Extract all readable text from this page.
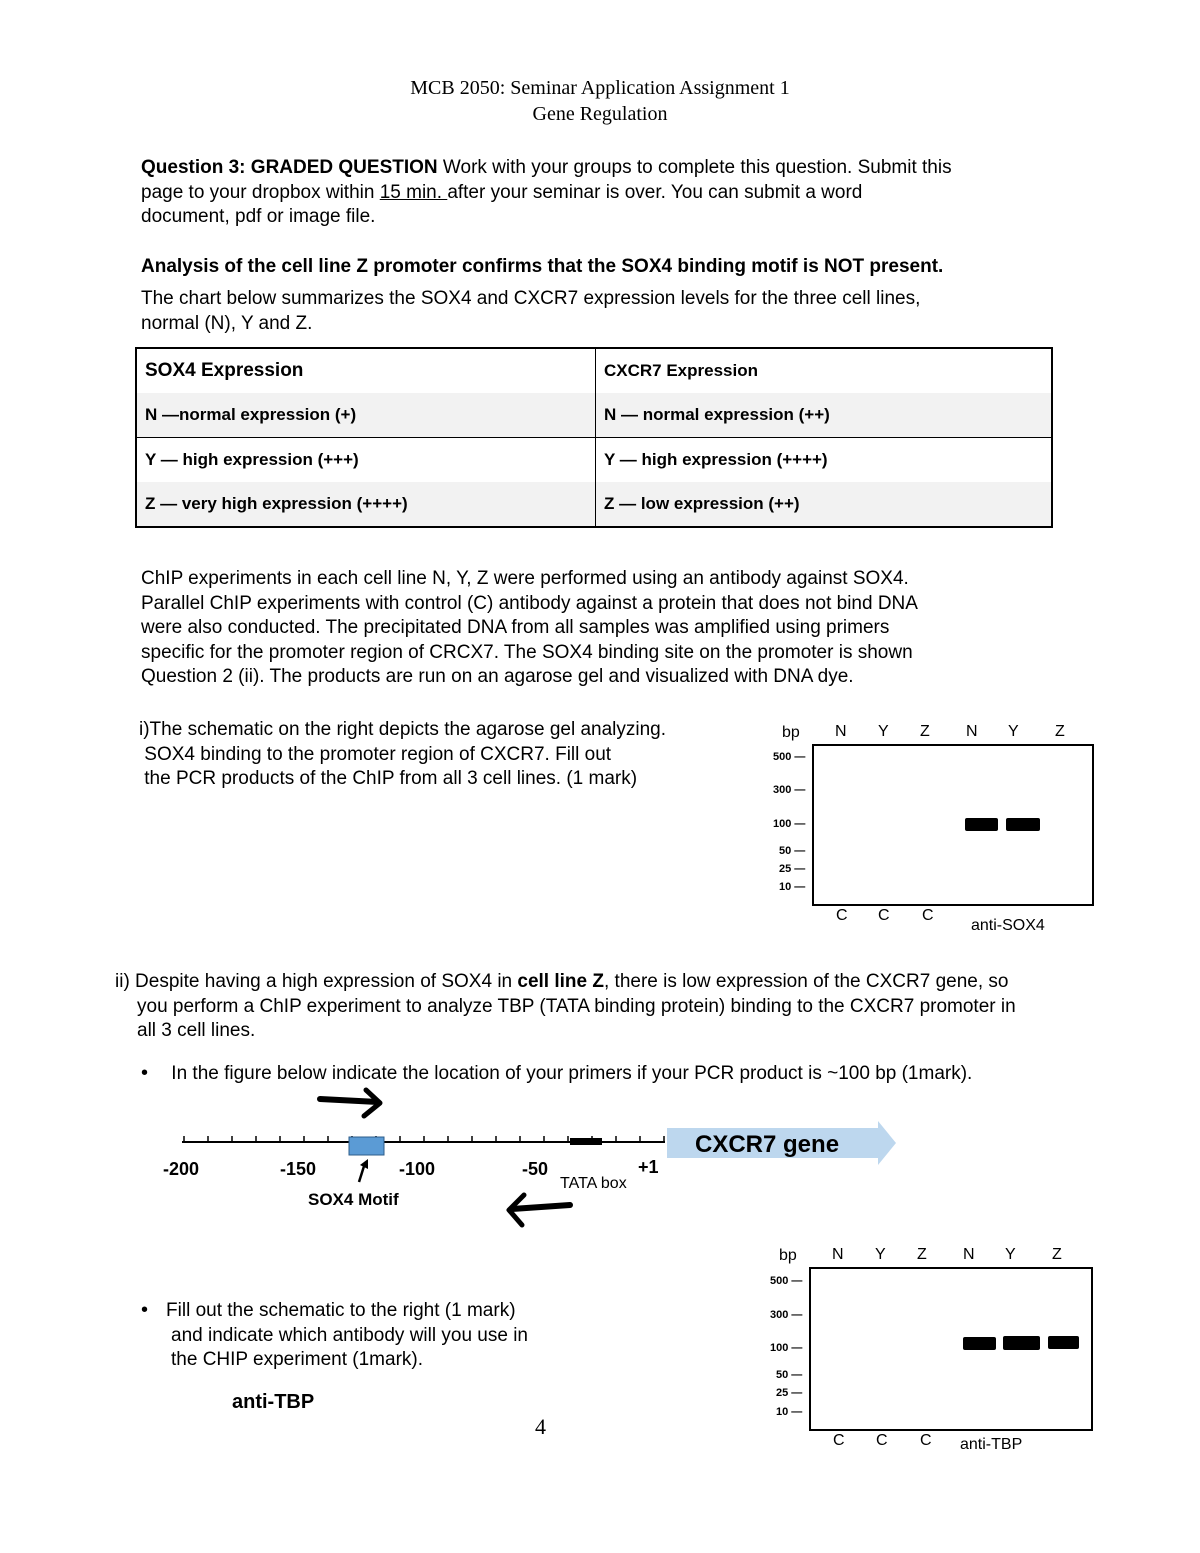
MCB 2050: Seminar Application Assignment 1
Gene Regulation
Question 3: GRADED QUESTION Work with your groups to complete this question. Submit this
page to your dropbox within 15 min. after your seminar is over. You can submit a word
document, pdf or image file.
Analysis of the cell line Z promoter confirms that the SOX4 binding motif is NOT present.
The chart below summarizes the SOX4 and CXCR7 expression levels for the three cell lines,
normal (N), Y and Z.
SOX4 Expression	CXCR7 Expression
N —normal expression (+)	N — normal expression (++)
Y — high expression (+++)	Y — high expression (++++)
Z — very high expression (++++)	Z — low expression (++)
ChIP experiments in each cell line N, Y, Z were performed using an antibody against SOX4.
Parallel ChIP experiments with control (C) antibody against a protein that does not bind DNA
were also conducted. The precipitated DNA from all samples was amplified using primers
specific for the promoter region of CRCX7. The SOX4 binding site on the promoter is shown
Question 2 (ii). The products are run on an agarose gel and visualized with DNA dye.
i)The schematic on the right depicts the agarose gel analyzing.
SOX4 binding to the promoter region of CXCR7. Fill out
the PCR products of the ChIP from all 3 cell lines. (1 mark)
bp N Y Z N Y Z
500 —
300 —
100 —
50 —
25 —
10 —
C C C
anti-SOX4
ii) Despite having a high expression of SOX4 in cell line Z, there is low expression of the CXCR7 gene, so
you perform a ChIP experiment to analyze TBP (TATA binding protein) binding to the CXCR7 promoter in
all 3 cell lines.
• In the figure below indicate the location of your primers if your PCR product is ~100 bp (1mark).
CXCR7 gene
-200	-150	-100	-50	+1
TATA box
SOX4 Motif
• Fill out the schematic to the right (1 mark)
and indicate which antibody will you use in
the CHIP experiment (1mark).
anti-TBP
4
bp N Y Z N Y Z
500 —
300 —
100 —
50 —
25 —
10 —
C C C anti-TBP
